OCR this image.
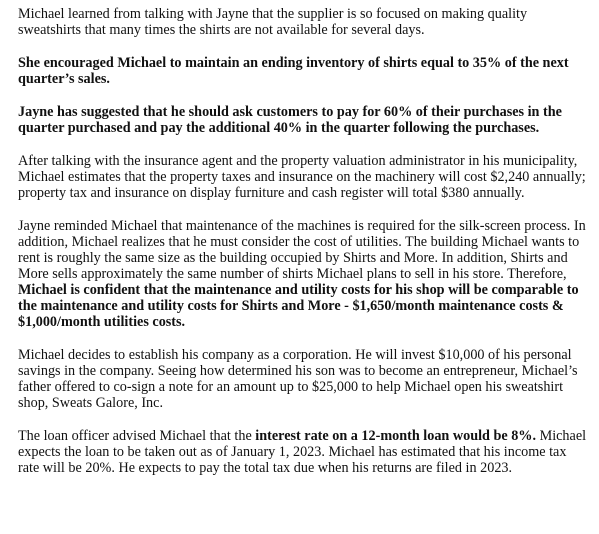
Michael learned from talking with Jayne that the supplier is so focused on making quality sweatshirts that many times the shirts are not available for several days.

She encouraged Michael to maintain an ending inventory of shirts equal to 35% of the next quarter’s sales.

Jayne has suggested that he should ask customers to pay for 60% of their purchases in the quarter purchased and pay the additional 40% in the quarter following the purchases.

After talking with the insurance agent and the property valuation administrator in his municipality, Michael estimates that the property taxes and insurance on the machinery will cost $2,240 annually; property tax and insurance on display furniture and cash register will total $380 annually.

Jayne reminded Michael that maintenance of the machines is required for the silk-screen process. In addition, Michael realizes that he must consider the cost of utilities. The building Michael wants to rent is roughly the same size as the building occupied by Shirts and More. In addition, Shirts and More sells approximately the same number of shirts Michael plans to sell in his store. Therefore, Michael is confident that the maintenance and utility costs for his shop will be comparable to the maintenance and utility costs for Shirts and More - $1,650/month maintenance costs & $1,000/month utilities costs.

Michael decides to establish his company as a corporation. He will invest $10,000 of his personal savings in the company. Seeing how determined his son was to become an entrepreneur, Michael’s father offered to co-sign a note for an amount up to $25,000 to help Michael open his sweatshirt shop, Sweats Galore, Inc.

The loan officer advised Michael that the interest rate on a 12-month loan would be 8%. Michael expects the loan to be taken out as of January 1, 2023. Michael has estimated that his income tax rate will be 20%. He expects to pay the total tax due when his returns are filed in 2023.
